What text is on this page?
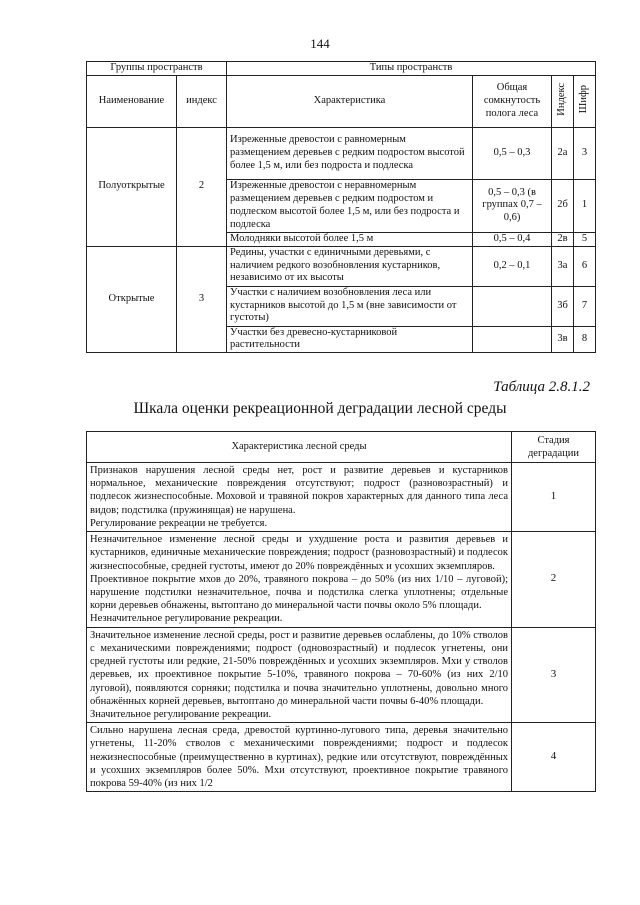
144
Группы пространств		Типы пространств			
Наименование	индекс	Характеристика	Общая сомкнутость полога леса	Индекс	Шифр
Полуоткрытые	2	Изреженные древостои с равномерным размещением деревьев с редким подростом высотой более 1,5 м, или без подроста и подлеска	0,5 – 0,3	2а	3
		Изреженные древостои с неравномерным размещением деревьев с редким подростом и подлеском высотой более 1,5 м, или без подроста и подлеска	0,5 – 0,3 (в группах 0,7 – 0,6)	2б	1
		Молодняки высотой более 1,5 м	0,5 – 0,4	2в	5
Открытые	3	Редины, участки с единичными деревьями, с наличием редкого возобновления кустарников, независимо от их высоты	0,2 – 0,1	3а	6
		Участки с наличием возобновления леса или кустарников высотой до 1,5 м (вне зависимости от густоты)		3б	7
		Участки без древесно-кустарниковой растительности		3в	8
Таблица 2.8.1.2
Шкала оценки рекреационной деградации лесной среды
Характеристика лесной среды	Стадия деградации

Признаков нарушения лесной среды нет, рост и развитие деревьев и кустарников нормальное, механические повреждения отсутствуют; подрост (разновозрастный) и подлесок жизнеспособные. Моховой и травяной покров характерных для данного типа леса видов; подстилка (пружинящая) не нарушена.

Регулирование рекреации не требуется.	1

Незначительное изменение лесной среды и ухудшение роста и развития деревьев и кустарников, единичные механические повреждения; подрост (разновозрастный) и подлесок жизнеспособные, средней густоты, имеют до 20% повреждённых и усохших экземпляров.

Проективное покрытие мхов до 20%, травяного покрова – до 50% (из них 1/10 – луговой); нарушение подстилки незначительное, почва и подстилка слегка уплотнены; отдельные корни деревьев обнажены, вытоптано до минеральной части почвы около 5% площади.

Незначительное регулирование рекреации.	2

Значительное изменение лесной среды, рост и развитие деревьев ослаблены, до 10% стволов с механическими повреждениями; подрост (одновозрастный) и подлесок угнетены, они средней густоты или редкие, 21-50% повреждённых и усохших экземпляров. Мхи у стволов деревьев, их проективное покрытие 5-10%, травяного покрова – 70-60% (из них 2/10 луговой), появляются сорняки; подстилка и почва значительно уплотнены, довольно много обнажённых корней деревьев, вытоптано до минеральной части почвы 6-40% площади.

Значительное регулирование рекреации.	3

Сильно нарушена лесная среда, древостой куртинно-лугового типа, деревья значительно угнетены, 11-20% стволов с механическими повреждениями; подрост и подлесок нежизнеспособные (преимущественно в куртинах), редкие или отсутствуют, повреждённых и усохших экземпляров более 50%. Мхи отсутствуют, проективное покрытие травяного покрова 59-40% (из них 1/2	4
